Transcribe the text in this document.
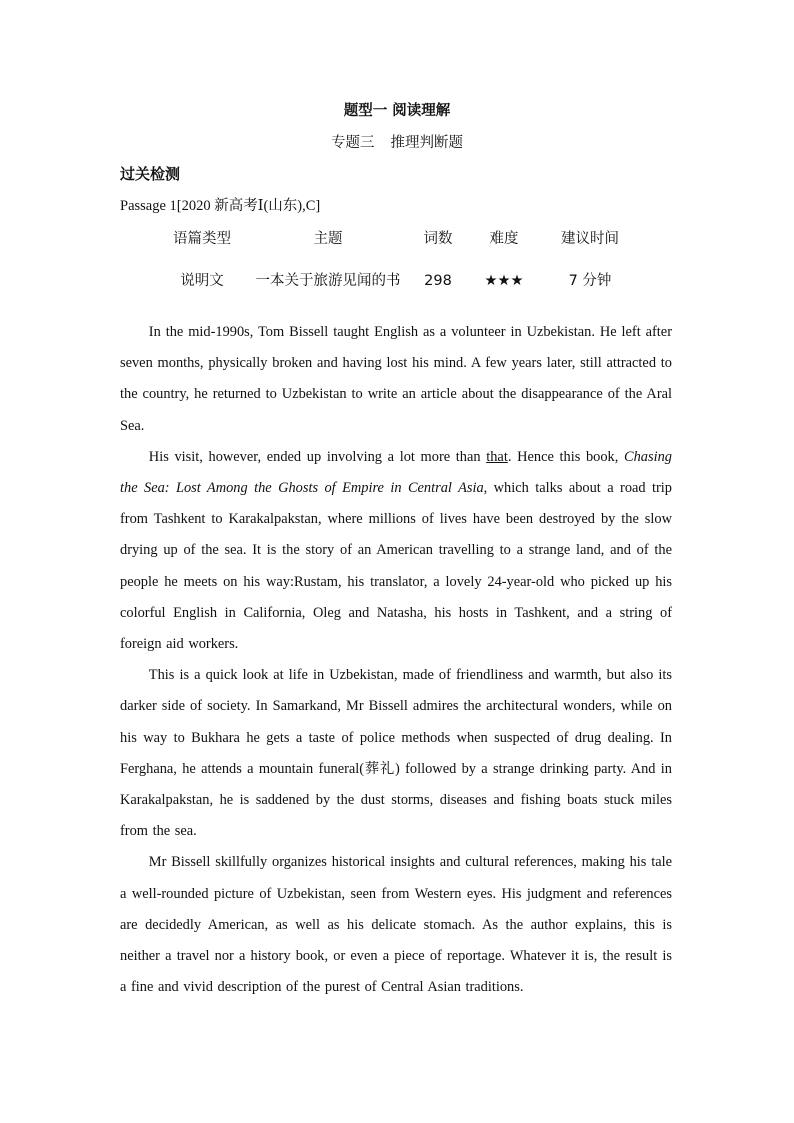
题型一 阅读理解
专题三 推理判断题
过关检测
Passage 1[2020 新高考Ⅰ(山东),C]
语篇类型	主题	词数	难度	建议时间
说明文	一本关于旅游见闻的书	298	★★★	7 分钟

In the mid-1990s, Tom Bissell taught English as a volunteer in Uzbekistan. He left after seven months, physically broken and having lost his mind. A few years later, still attracted to the country, he returned to Uzbekistan to write an article about the disappearance of the Aral Sea.

His visit, however, ended up involving a lot more than that. Hence this book, Chasing the Sea: Lost Among the Ghosts of Empire in Central Asia, which talks about a road trip from Tashkent to Karakalpakstan, where millions of lives have been destroyed by the slow drying up of the sea. It is the story of an American travelling to a strange land, and of the people he meets on his way:Rustam, his translator, a lovely 24-year-old who picked up his colorful English in California, Oleg and Natasha, his hosts in Tashkent, and a string of foreign aid workers.

This is a quick look at life in Uzbekistan, made of friendliness and warmth, but also its darker side of society. In Samarkand, Mr Bissell admires the architectural wonders, while on his way to Bukhara he gets a taste of police methods when suspected of drug dealing. In Ferghana, he attends a mountain funeral(葬礼) followed by a strange drinking party. And in Karakalpakstan, he is saddened by the dust storms, diseases and fishing boats stuck miles from the sea.

Mr Bissell skillfully organizes historical insights and cultural references, making his tale a well-rounded picture of Uzbekistan, seen from Western eyes. His judgment and references are decidedly American, as well as his delicate stomach. As the author explains, this is neither a travel nor a history book, or even a piece of reportage. Whatever it is, the result is a fine and vivid description of the purest of Central Asian traditions.
